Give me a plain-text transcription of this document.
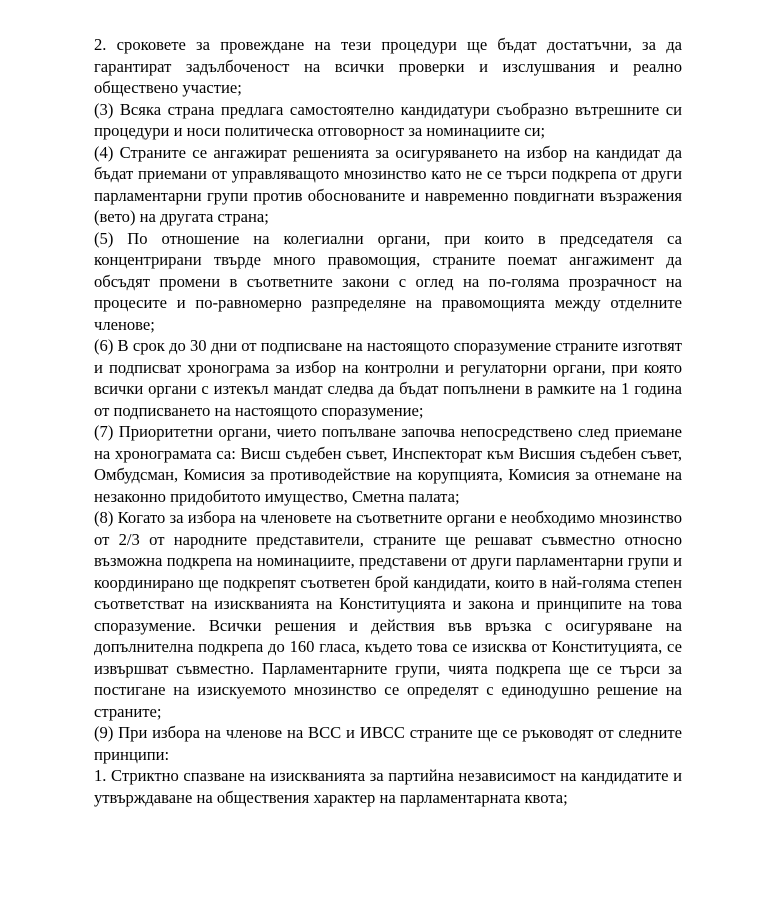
2. сроковете за провеждане на тези процедури ще бъдат достатъчни, за да гарантират задълбоченост на всички проверки и изслушвания и реално обществено участие;

(3) Всяка страна предлага самостоятелно кандидатури съобразно вътрешните си процедури и носи политическа отговорност за номинациите си;

(4) Страните се ангажират решенията за осигуряването на избор на кандидат да бъдат приемани от управляващото мнозинство като не се търси подкрепа от други парламентарни групи против обоснованите и навременно повдигнати възражения (вето) на другата страна;

(5) По отношение на колегиални органи, при които в председателя са концентрирани твърде много правомощия, страните поемат ангажимент да обсъдят промени в съответните закони с оглед на по-голяма прозрачност на процесите и по-равномерно разпределяне на правомощията между отделните членове;

(6) В срок до 30 дни от подписване на настоящото споразумение страните изготвят и подписват хронограма за избор на контролни и регулаторни органи, при която всички органи с изтекъл мандат следва да бъдат попълнени в рамките на 1 година от подписването на настоящото споразумение;

(7) Приоритетни органи, чието попълване започва непосредствено след приемане на хронограмата са: Висш съдебен съвет, Инспекторат към Висшия съдебен съвет, Омбудсман, Комисия за противодействие на корупцията, Комисия за отнемане на незаконно придобитото имущество, Сметна палата;

(8) Когато за избора на членовете на съответните органи е необходимо мнозинство от 2/3 от народните представители, страните ще решават съвместно относно възможна подкрепа на номинациите, представени от други парламентарни групи и координирано ще подкрепят съответен брой кандидати, които в най-голяма степен съответстват на изискванията на Конституцията и закона и принципите на това споразумение. Всички решения и действия във връзка с осигуряване на допълнителна подкрепа до 160 гласа, където това се изисква от Конституцията, се извършват съвместно. Парламентарните групи, чията подкрепа ще се търси за постигане на изискуемото мнозинство се определят с единодушно решение на страните;

(9) При избора на членове на ВСС и ИВСС страните ще се ръководят от следните принципи:

1. Стриктно спазване на изискванията за партийна независимост на кандидатите и утвърждаване на обществения характер на парламентарната квота;
